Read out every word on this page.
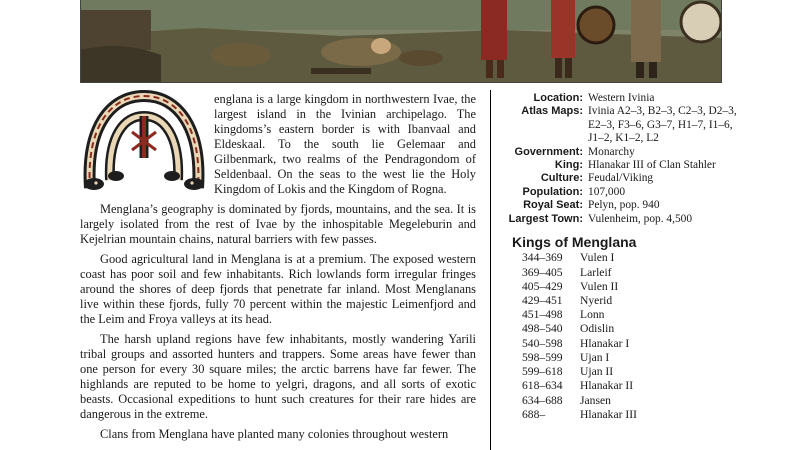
englana is a large kingdom in northwestern Ivae, the largest island in the Ivinian archipelago. The kingdoms’s eastern border is with Ibanvaal and Eldeskaal. To the south lie Gelemaar and Gilbenmark, two realms of the Pendragondom of Seldenbaal. On the seas to the west lie the Holy Kingdom of Lokis and the Kingdom of Rogna.

Menglana’s geography is dominated by fjords, mountains, and the sea. It is largely isolated from the rest of Ivae by the inhospitable Megeleburin and Kejelrian mountain chains, natural barriers with few passes.

Good agricultural land in Menglana is at a premium. The exposed western coast has poor soil and few inhabitants. Rich lowlands form irregular fringes around the shores of deep fjords that penetrate far inland. Most Menglanans live within these fjords, fully 70 percent within the majestic Leimenfjord and the Leim and Froya valleys at its head.

The harsh upland regions have few inhabitants, mostly wandering Yarili tribal groups and assorted hunters and trappers. Some areas have fewer than one person for every 30 square miles; the arctic barrens have far fewer. The highlands are reputed to be home to yelgri, dragons, and all sorts of exotic beasts. Occasional expeditions to hunt such creatures for their rare hides are dangerous in the extreme.

Clans from Menglana have planted many colonies throughout western

Location: Western Ivinia
Atlas Maps: Ivinia A2–3, B2–3, C2–3, D2–3, E2–3, F3–6, G3–7, H1–7, I1–6, J1–2, K1–2, L2
Government: Monarchy
King: Hlanakar III of Clan Stahler
Culture: Feudal/Viking
Population: 107,000
Royal Seat: Pelyn, pop. 940
Largest Town: Vulenheim, pop. 4,500
Kings of Menglana
344–369	Vulen I
369–405	Larleif
405–429	Vulen II
429–451	Nyerid
451–498	Lonn
498–540	Odislin
540–598	Hlanakar I
598–599	Ujan I
599–618	Ujan II
618–634	Hlanakar II
634–688	Jansen
688–	Hlanakar III
